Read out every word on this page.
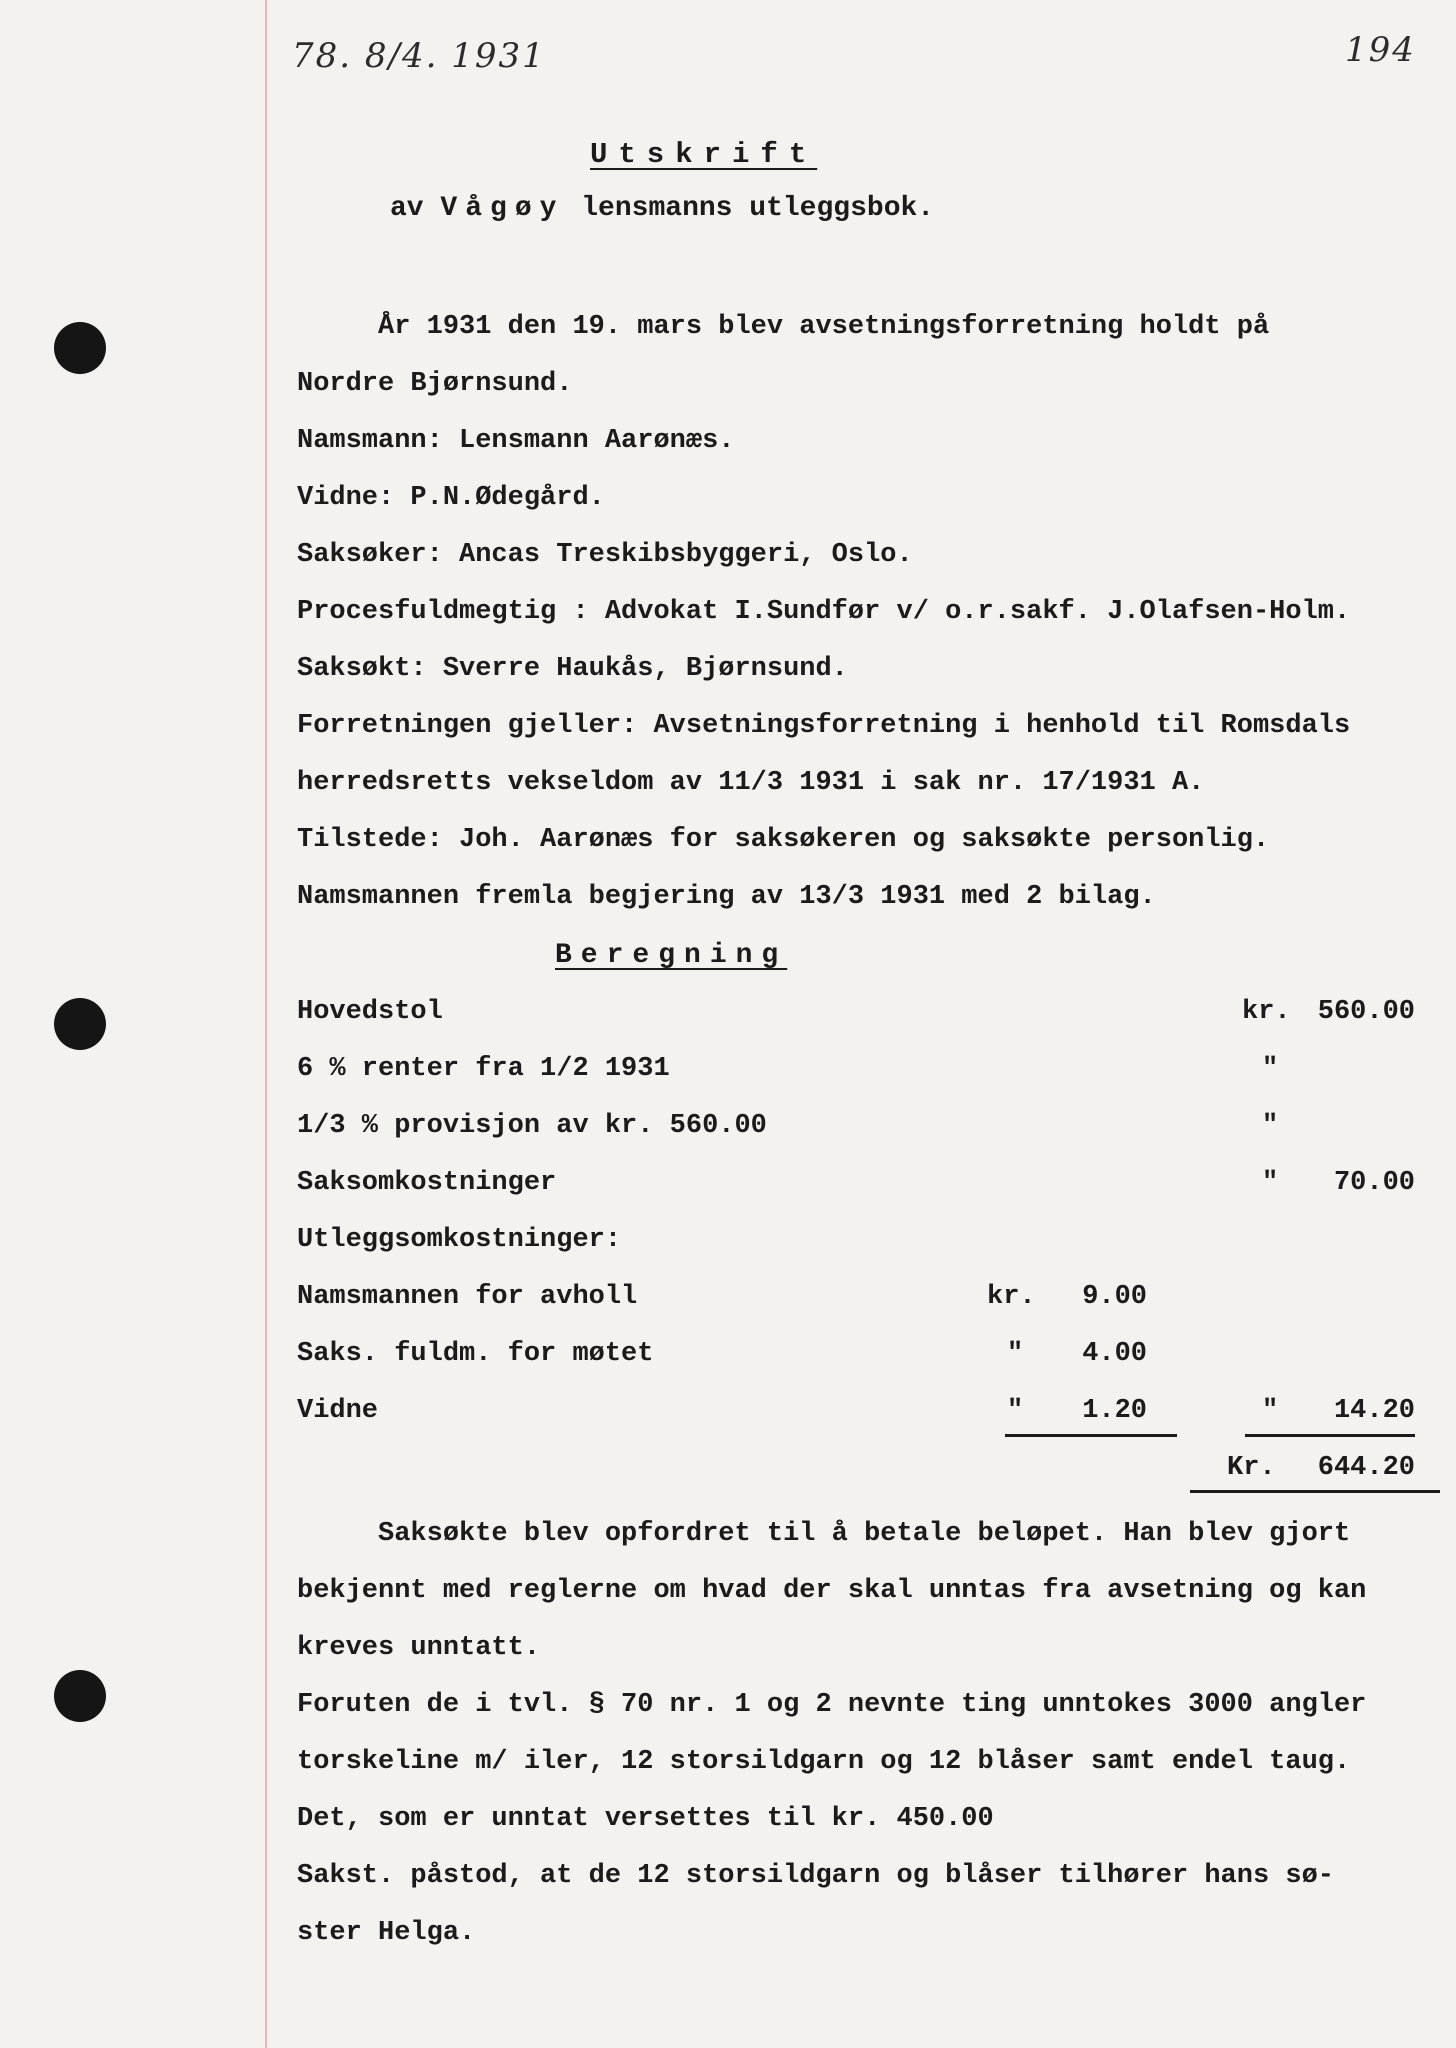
78. 8/4. 1931	194
Utskrift
av Vågøy lensmanns utleggsbok.
År 1931 den 19. mars blev avsetningsforretning holdt på
Nordre Bjørnsund.
Namsmann: Lensmann Aarønæs.
Vidne: P.N.Ødegård.
Saksøker: Ancas Treskibsbyggeri, Oslo.
Procesfuldmegtig : Advokat I.Sundfør v/ o.r.sakf. J.Olafsen-Holm.
Saksøkt: Sverre Haukås, Bjørnsund.
Forretningen gjeller: Avsetningsforretning i henhold til Romsdals
herredsretts vekseldom av 11/3 1931 i sak nr. 17/1931 A.
Tilstede: Joh. Aarønæs for saksøkeren og saksøkte personlig.
Namsmannen fremla begjering av 13/3 1931 med 2 bilag.
Beregning
Hovedstol	kr.	560.00
6 % renter fra 1/2 1931	"
1/3 % provisjon av kr. 560.00	"
Saksomkostninger	"	70.00
Utleggsomkostninger:
Namsmannen for avholl	kr.	9.00
Saks. fuldm. for møtet	"	4.00
Vidne	"	1.20	"	14.20
Kr.	644.20
Saksøkte blev opfordret til å betale beløpet. Han blev gjort
bekjennt med reglerne om hvad der skal unntas fra avsetning og kan
kreves unntatt.
Foruten de i tvl. § 70 nr. 1 og 2 nevnte ting unntokes 3000 angler
torskeline m/ iler, 12 storsildgarn og 12 blåser samt endel taug.
Det, som er unntat versettes til kr. 450.00
Sakst. påstod, at de 12 storsildgarn og blåser tilhører hans sø-
ster Helga.
